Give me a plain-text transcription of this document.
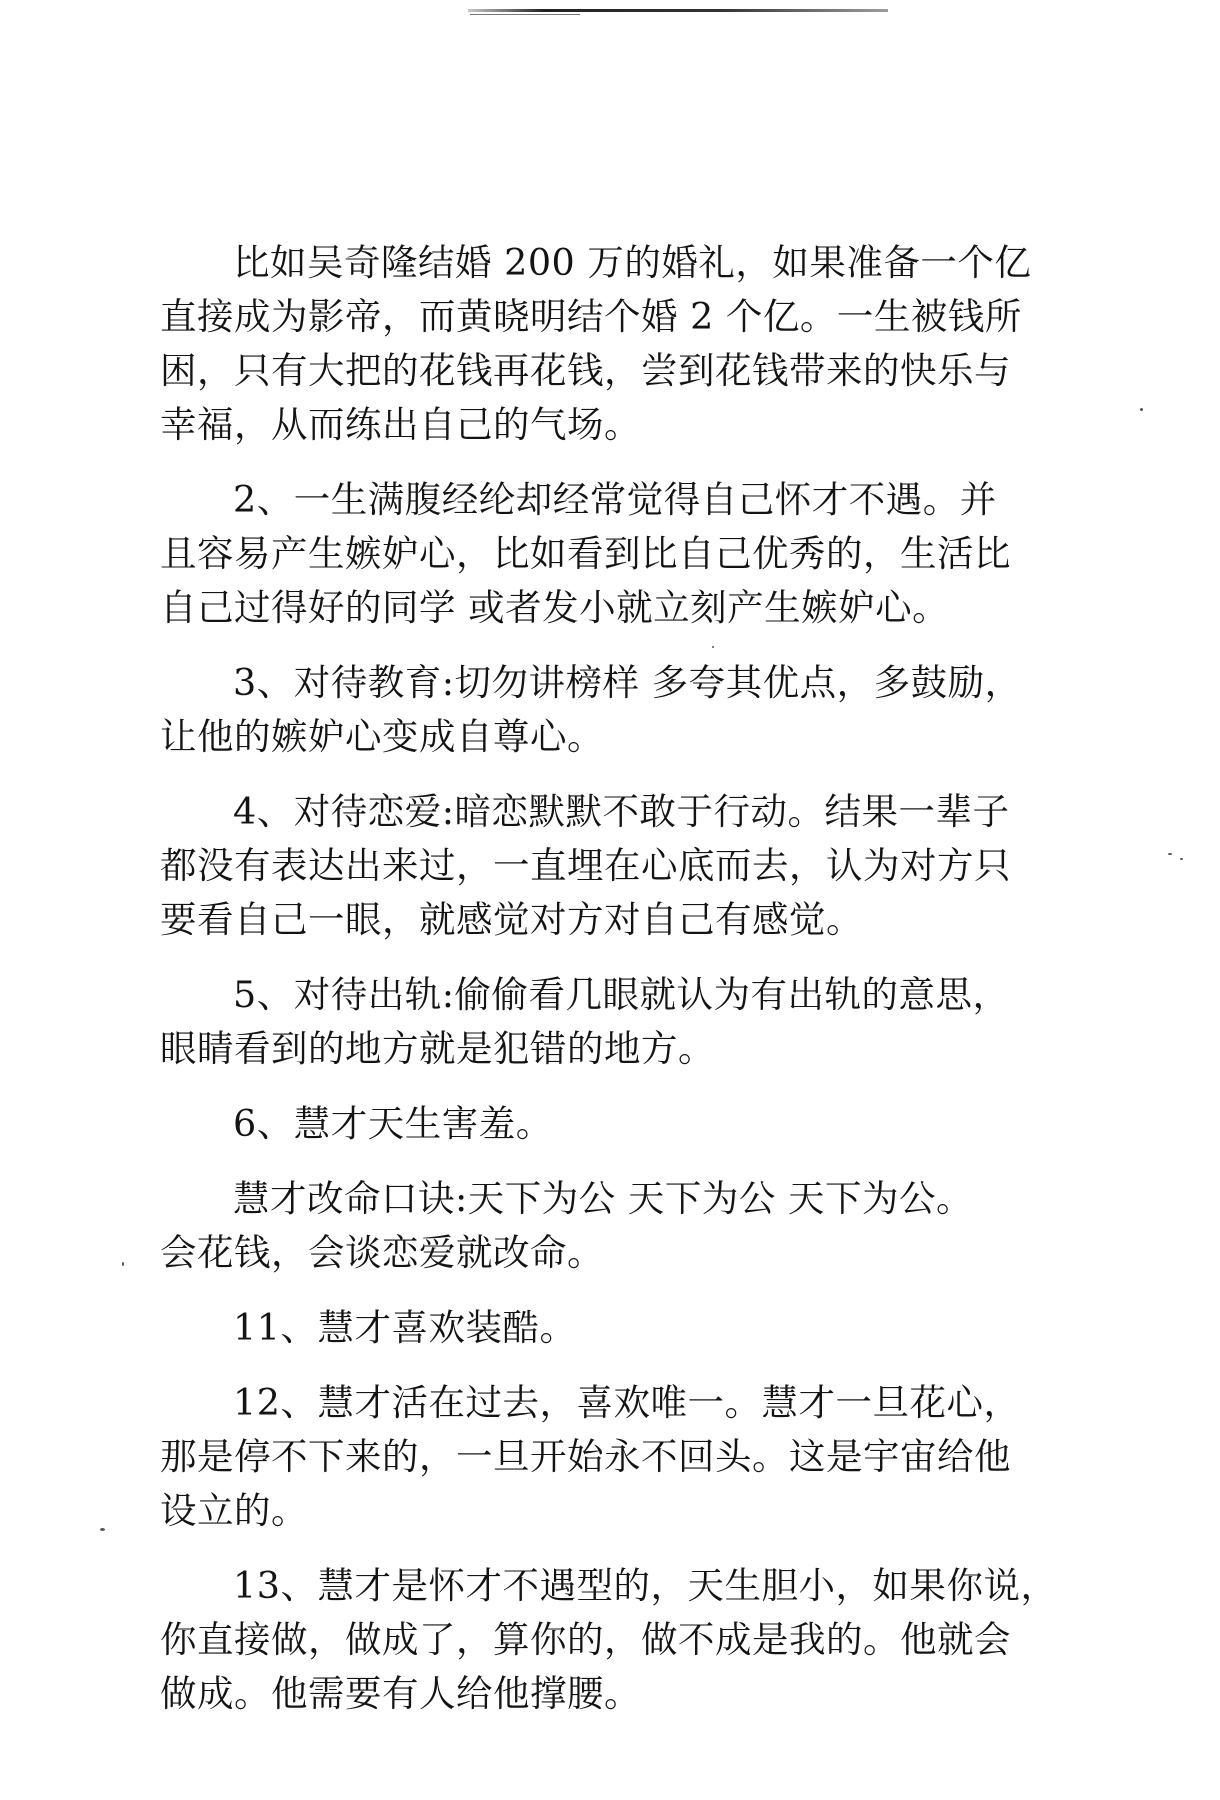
比如吴奇隆结婚 200 万的婚礼，如果准备一个亿
直接成为影帝，而黄晓明结个婚 2 个亿。一生被钱所
困，只有大把的花钱再花钱，尝到花钱带来的快乐与
幸福，从而练出自己的气场。

2、一生满腹经纶却经常觉得自己怀才不遇。并
且容易产生嫉妒心，比如看到比自己优秀的，生活比
自己过得好的同学 或者发小就立刻产生嫉妒心。

3、对待教育:切勿讲榜样 多夸其优点，多鼓励，
让他的嫉妒心变成自尊心。

4、对待恋爱:暗恋默默不敢于行动。结果一辈子
都没有表达出来过，一直埋在心底而去，认为对方只
要看自己一眼，就感觉对方对自己有感觉。

5、对待出轨:偷偷看几眼就认为有出轨的意思，
眼睛看到的地方就是犯错的地方。

6、慧才天生害羞。

慧才改命口诀:天下为公 天下为公 天下为公。
会花钱，会谈恋爱就改命。

11、慧才喜欢装酷。

12、慧才活在过去，喜欢唯一。慧才一旦花心，
那是停不下来的，一旦开始永不回头。这是宇宙给他
设立的。

13、慧才是怀才不遇型的，天生胆小，如果你说，
你直接做，做成了，算你的，做不成是我的。他就会
做成。他需要有人给他撑腰。
